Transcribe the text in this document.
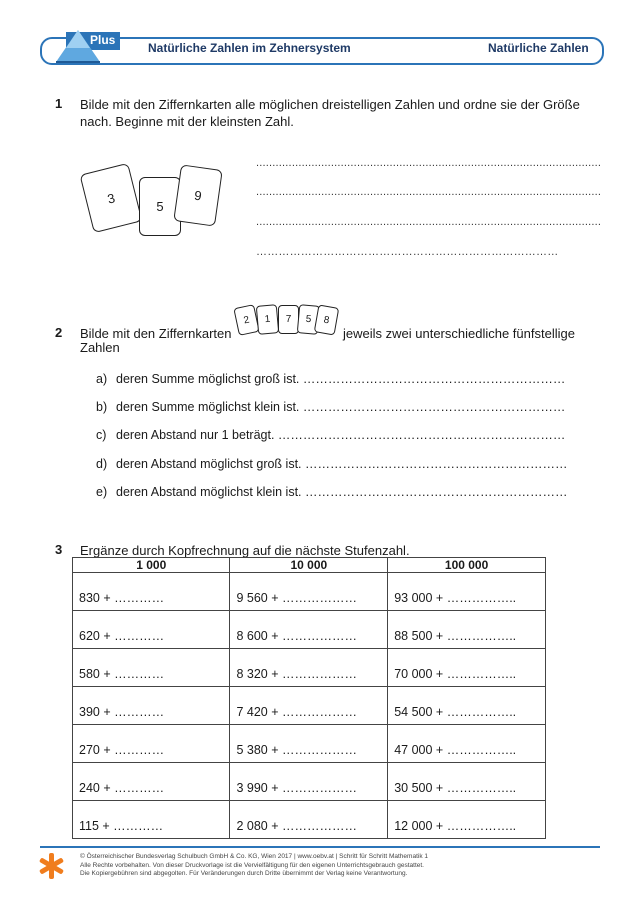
Plus
Natürliche Zahlen im Zehnersystem	Natürliche Zahlen
1 Bilde mit den Ziffernkarten alle möglichen dreistelligen Zahlen und ordne sie der Größe nach. Beginne mit der kleinsten Zahl.
3
5
9
..........................................................................................................
..........................................................................................................
..........................................................................................................
………………………………………………………………………
2 Bilde mit den Ziffernkarten
2	1	7	5	8
jeweils zwei unterschiedliche fünfstellige
Zahlen
a) deren Summe möglichst groß ist. ………………………………………………………
b) deren Summe möglichst klein ist. ………………………………………………………
c) deren Abstand nur 1 beträgt. ……………………………………………………………
d) deren Abstand möglichst groß ist. ………………………………………………………
e) deren Abstand möglichst klein ist. ………………………………………………………
3 Ergänze durch Kopfrechnung auf die nächste Stufenzahl.
1 000	10 000	100 000
830 + …………	9 560 + ………………	93 000 + ……………..
620 + …………	8 600 + ………………	88 500 + ……………..
580 + …………	8 320 + ………………	70 000 + ……………..
390 + …………	7 420 + ………………	54 500 + ……………..
270 + …………	5 380 + ………………	47 000 + ……………..
240 + …………	3 990 + ………………	30 500 + ……………..
115 + …………	2 080 + ………………	12 000 + ……………..
© Österreichischer Bundesverlag Schulbuch GmbH & Co. KG, Wien 2017 | www.oebv.at | Schritt für Schritt Mathematik 1
Alle Rechte vorbehalten. Von dieser Druckvorlage ist die Vervielfältigung für den eigenen Unterrichtsgebrauch gestattet.
Die Kopiergebühren sind abgegolten. Für Veränderungen durch Dritte übernimmt der Verlag keine Verantwortung.
